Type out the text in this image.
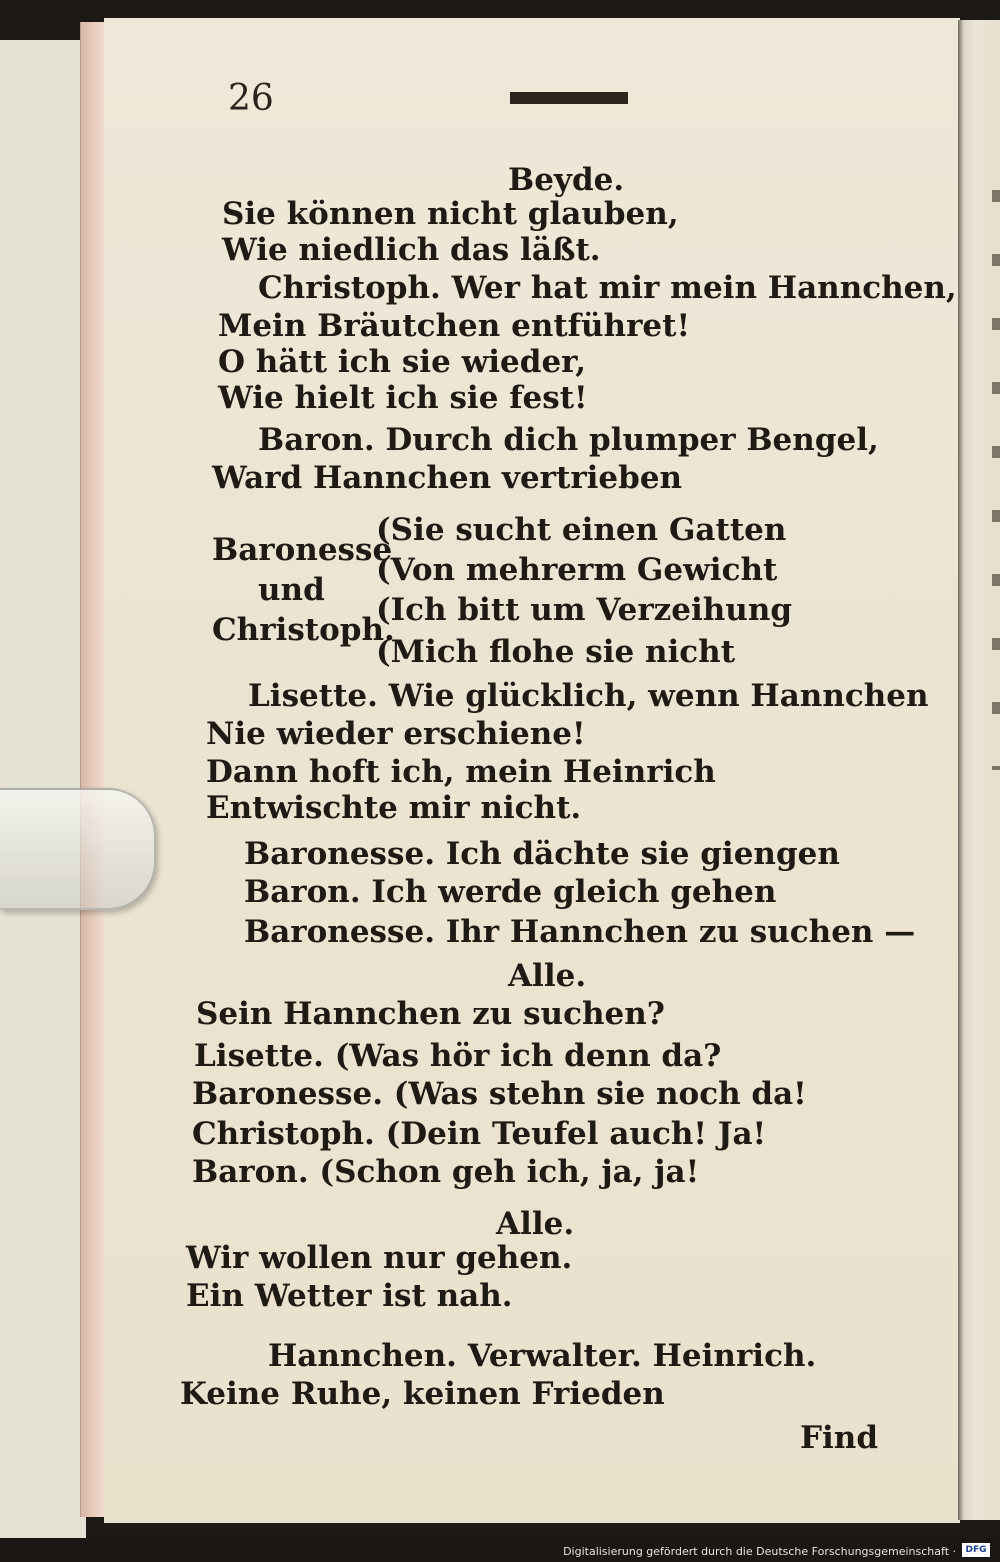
26
Beyde.
Sie können nicht glauben,
Wie niedlich das läßt.
Christoph. Wer hat mir mein Hannchen,
Mein Bräutchen entführet!
O hätt ich sie wieder,
Wie hielt ich sie fest!
Baron. Durch dich plumper Bengel,
Ward Hannchen vertrieben
(Sie sucht einen Gatten
Baronesse
(Von mehrerm Gewicht
und
(Ich bitt um Verzeihung
Christoph.
(Mich flohe sie nicht
Lisette. Wie glücklich, wenn Hannchen
Nie wieder erschiene!
Dann hoft ich, mein Heinrich
Entwischte mir nicht.
Baronesse. Ich dächte sie giengen
Baron. Ich werde gleich gehen
Baronesse. Ihr Hannchen zu suchen —
Alle.
Sein Hannchen zu suchen?
Lisette. (Was hör ich denn da?
Baronesse. (Was stehn sie noch da!
Christoph. (Dein Teufel auch! Ja!
Baron. (Schon geh ich, ja, ja!
Alle.
Wir wollen nur gehen.
Ein Wetter ist nah.
Hannchen. Verwalter. Heinrich.
Keine Ruhe, keinen Frieden
Find
Digitalisierung gefördert durch die Deutsche Forschungsgemeinschaft ·	DFG
